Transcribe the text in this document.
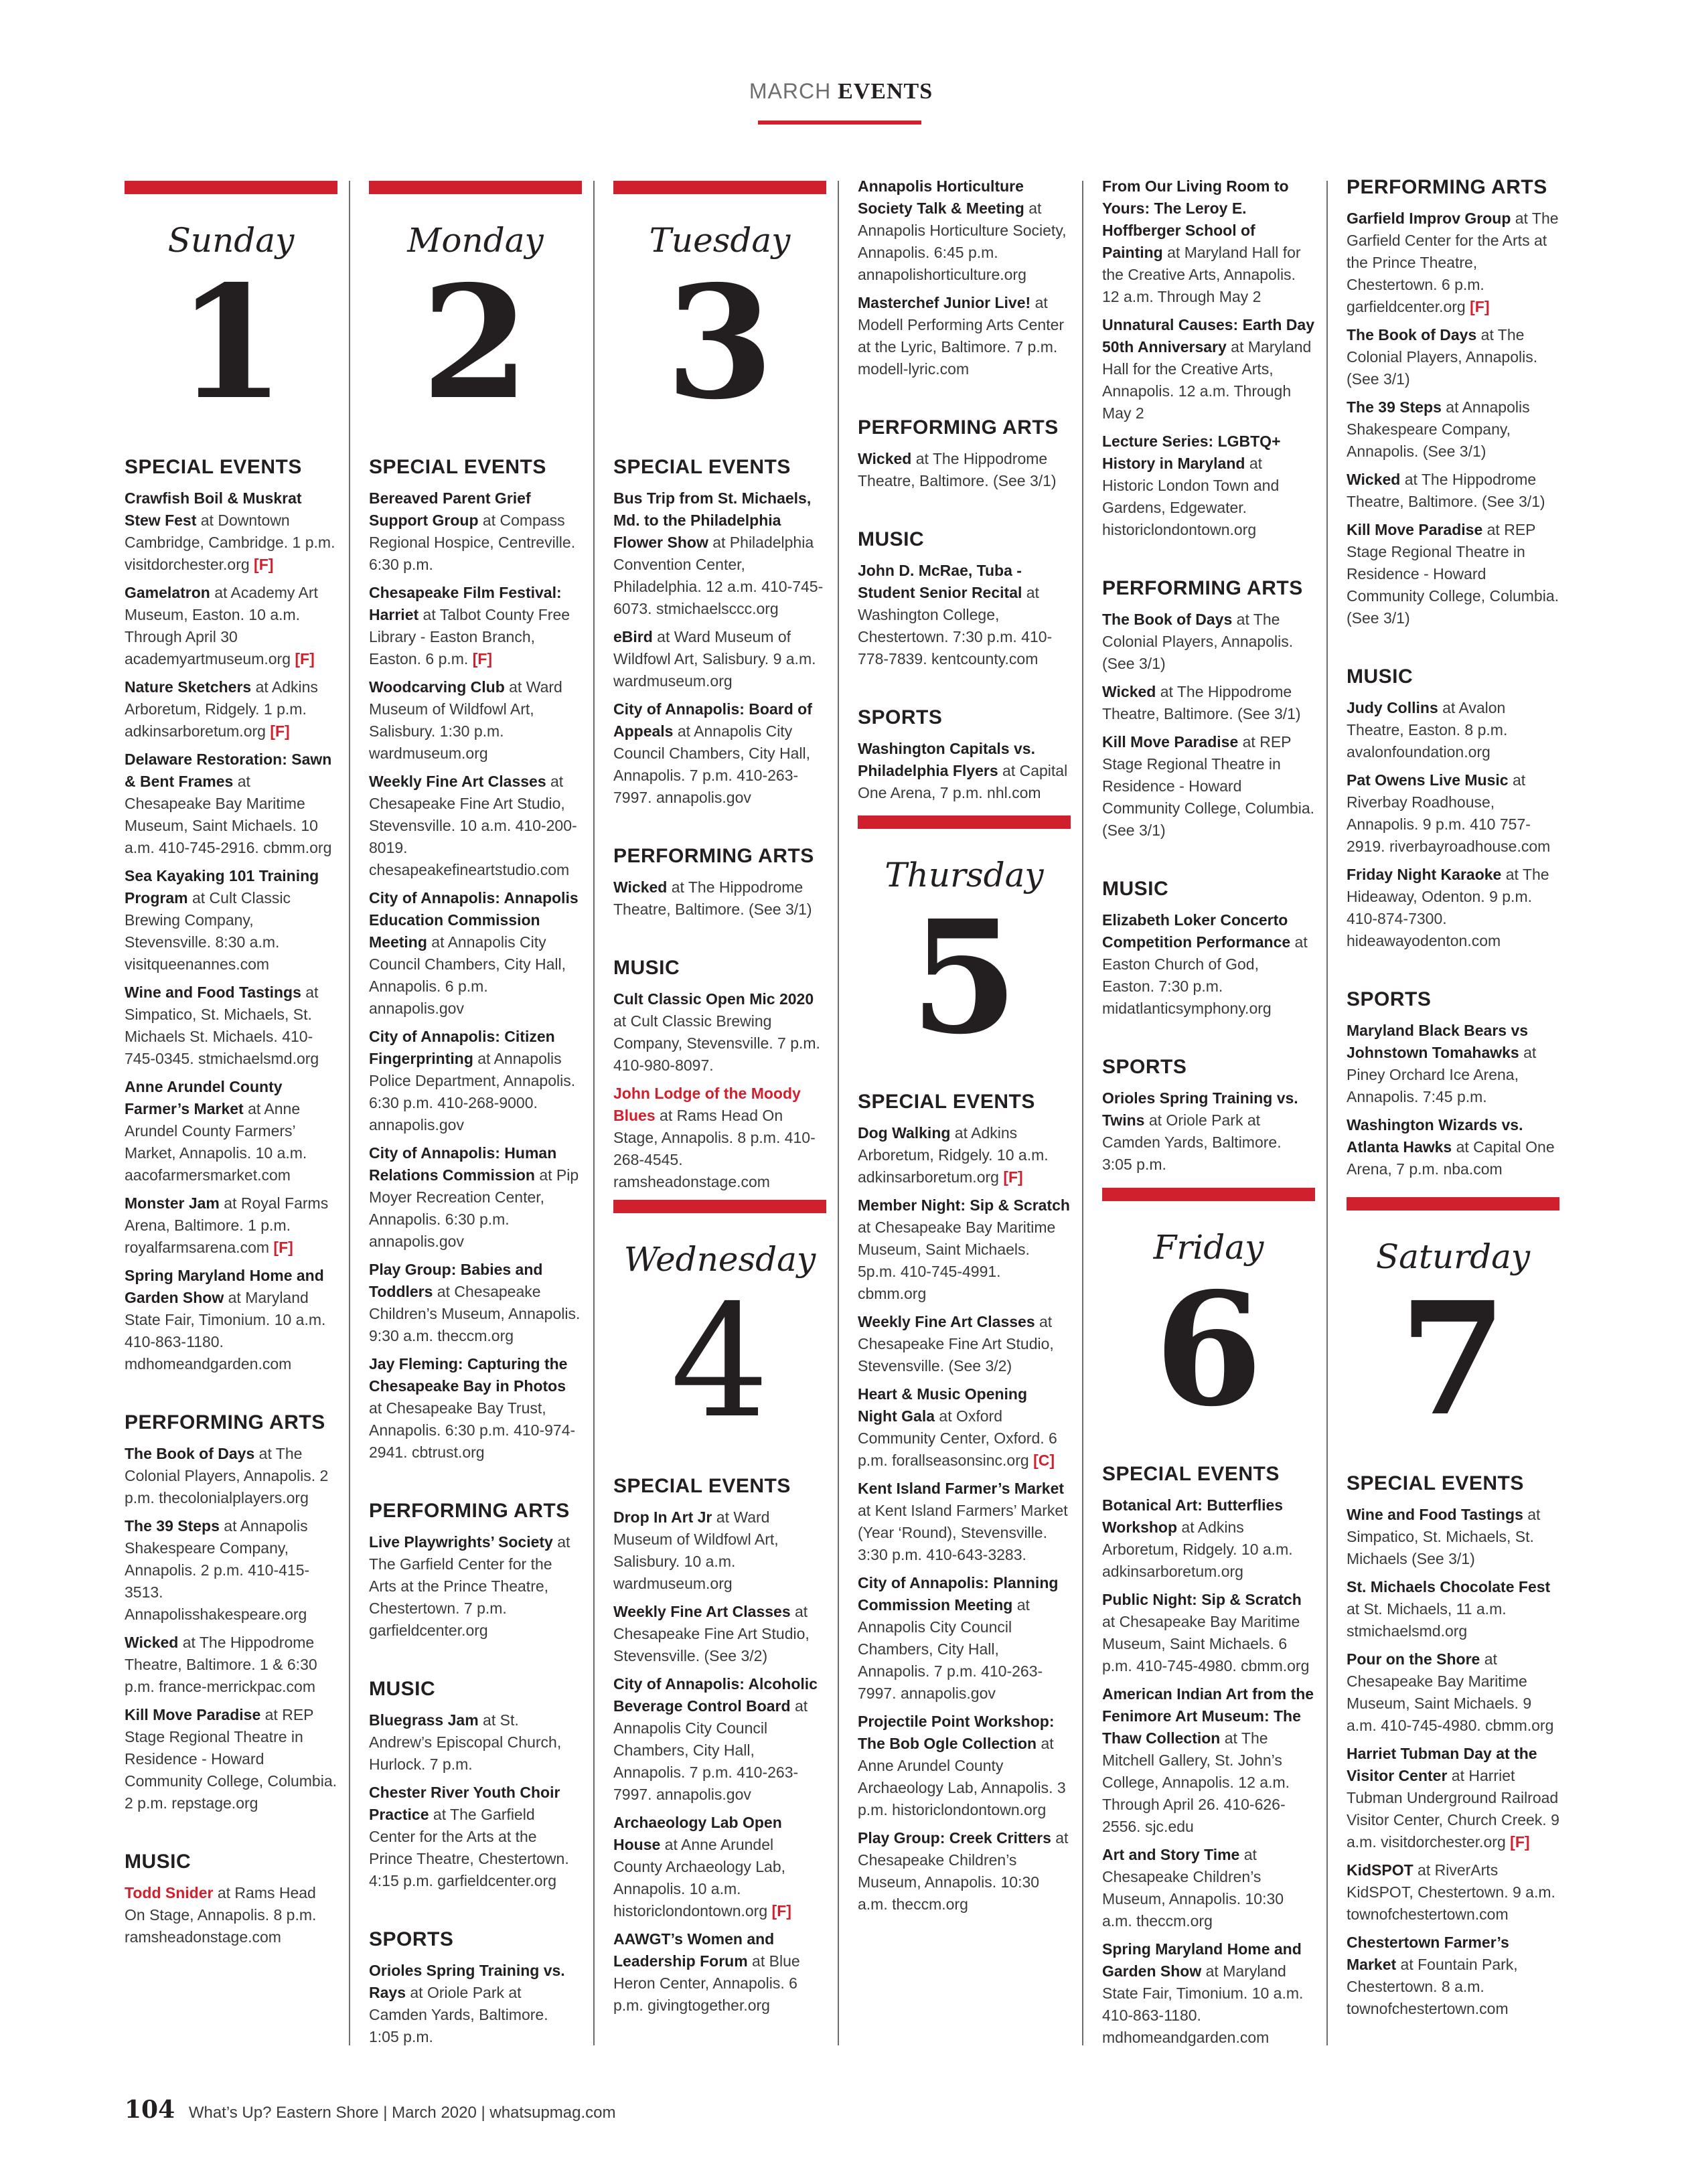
MARCH EVENTS
Sunday
1
SPECIAL EVENTS
Crawfish Boil & Muskrat Stew Fest at Downtown Cambridge, Cambridge. 1 p.m. visitdorchester.org [F]
Gamelatron at Academy Art Museum, Easton. 10 a.m. Through April 30 academyartmuseum.org [F]
Nature Sketchers at Adkins Arboretum, Ridgely. 1 p.m. adkinsarboretum.org [F]
Delaware Restoration: Sawn & Bent Frames at Chesapeake Bay Maritime Museum, Saint Michaels. 10 a.m. 410-745-2916. cbmm.org
Sea Kayaking 101 Training Program at Cult Classic Brewing Company, Stevensville. 8:30 a.m. visitqueenannes.com
Wine and Food Tastings at Simpatico, St. Michaels, St. Michaels St. Michaels. 410-745-0345. stmichaelsmd.org
Anne Arundel County Farmer’s Market at Anne Arundel County Farmers’ Market, Annapolis. 10 a.m. aacofarmersmarket.com
Monster Jam at Royal Farms Arena, Baltimore. 1 p.m. royalfarmsarena.com [F]
Spring Maryland Home and Garden Show at Maryland State Fair, Timonium. 10 a.m. 410-863-1180. mdhomeandgarden.com
PERFORMING ARTS
The Book of Days at The Colonial Players, Annapolis. 2 p.m. thecolonialplayers.org
The 39 Steps at Annapolis Shakespeare Company, Annapolis. 2 p.m. 410-415-3513. Annapolisshakespeare.org
Wicked at The Hippodrome Theatre, Baltimore. 1 & 6:30 p.m. france-merrickpac.com
Kill Move Paradise at REP Stage Regional Theatre in Residence - Howard Community College, Columbia. 2 p.m. repstage.org
MUSIC
Todd Snider at Rams Head On Stage, Annapolis. 8 p.m. ramsheadonstage.com
Monday
2
SPECIAL EVENTS
Bereaved Parent Grief Support Group at Compass Regional Hospice, Centreville. 6:30 p.m.
Chesapeake Film Festival: Harriet at Talbot County Free Library - Easton Branch, Easton. 6 p.m. [F]
Woodcarving Club at Ward Museum of Wildfowl Art, Salisbury. 1:30 p.m. wardmuseum.org
Weekly Fine Art Classes at Chesapeake Fine Art Studio, Stevensville. 10 a.m. 410-200-8019. chesapeakefineartstudio.com
City of Annapolis: Annapolis Education Commission Meeting at Annapolis City Council Chambers, City Hall, Annapolis. 6 p.m. annapolis.gov
City of Annapolis: Citizen Fingerprinting at Annapolis Police Department, Annapolis. 6:30 p.m. 410-268-9000. annapolis.gov
City of Annapolis: Human Relations Commission at Pip Moyer Recreation Center, Annapolis. 6:30 p.m. annapolis.gov
Play Group: Babies and Toddlers at Chesapeake Children’s Museum, Annapolis. 9:30 a.m. theccm.org
Jay Fleming: Capturing the Chesapeake Bay in Photos at Chesapeake Bay Trust, Annapolis. 6:30 p.m. 410-974-2941. cbtrust.org
PERFORMING ARTS
Live Playwrights’ Society at The Garfield Center for the Arts at the Prince Theatre, Chestertown. 7 p.m. garfieldcenter.org
MUSIC
Bluegrass Jam at St. Andrew’s Episcopal Church, Hurlock. 7 p.m.
Chester River Youth Choir Practice at The Garfield Center for the Arts at the Prince Theatre, Chestertown. 4:15 p.m. garfieldcenter.org
SPORTS
Orioles Spring Training vs. Rays at Oriole Park at Camden Yards, Baltimore. 1:05 p.m.
Tuesday
3
SPECIAL EVENTS
Bus Trip from St. Michaels, Md. to the Philadelphia Flower Show at Philadelphia Convention Center, Philadelphia. 12 a.m. 410-745-6073. stmichaelsccc.org
eBird at Ward Museum of Wildfowl Art, Salisbury. 9 a.m. wardmuseum.org
City of Annapolis: Board of Appeals at Annapolis City Council Chambers, City Hall, Annapolis. 7 p.m. 410-263-7997. annapolis.gov
PERFORMING ARTS
Wicked at The Hippodrome Theatre, Baltimore. (See 3/1)
MUSIC
Cult Classic Open Mic 2020 at Cult Classic Brewing Company, Stevensville. 7 p.m. 410-980-8097.
John Lodge of the Moody Blues at Rams Head On Stage, Annapolis. 8 p.m. 410-268-4545. ramsheadonstage.com
Wednesday
4
SPECIAL EVENTS
Drop In Art Jr at Ward Museum of Wildfowl Art, Salisbury. 10 a.m. wardmuseum.org
Weekly Fine Art Classes at Chesapeake Fine Art Studio, Stevensville. (See 3/2)
City of Annapolis: Alcoholic Beverage Control Board at Annapolis City Council Chambers, City Hall, Annapolis. 7 p.m. 410-263-7997. annapolis.gov
Archaeology Lab Open House at Anne Arundel County Archaeology Lab, Annapolis. 10 a.m. historiclondontown.org [F]
AAWGT’s Women and Leadership Forum at Blue Heron Center, Annapolis. 6 p.m. givingtogether.org
Annapolis Horticulture Society Talk & Meeting at Annapolis Horticulture Society, Annapolis. 6:45 p.m. annapolishorticulture.org
Masterchef Junior Live! at Modell Performing Arts Center at the Lyric, Baltimore. 7 p.m. modell-lyric.com
PERFORMING ARTS
Wicked at The Hippodrome Theatre, Baltimore. (See 3/1)
MUSIC
John D. McRae, Tuba - Student Senior Recital at Washington College, Chestertown. 7:30 p.m. 410-778-7839. kentcounty.com
SPORTS
Washington Capitals vs. Philadelphia Flyers at Capital One Arena, 7 p.m. nhl.com
Thursday
5
SPECIAL EVENTS
Dog Walking at Adkins Arboretum, Ridgely. 10 a.m. adkinsarboretum.org [F]
Member Night: Sip & Scratch at Chesapeake Bay Maritime Museum, Saint Michaels. 5p.m. 410-745-4991. cbmm.org
Weekly Fine Art Classes at Chesapeake Fine Art Studio, Stevensville. (See 3/2)
Heart & Music Opening Night Gala at Oxford Community Center, Oxford. 6 p.m. forallseasonsinc.org [C]
Kent Island Farmer’s Market at Kent Island Farmers’ Market (Year ‘Round), Stevensville. 3:30 p.m. 410-643-3283.
City of Annapolis: Planning Commission Meeting at Annapolis City Council Chambers, City Hall, Annapolis. 7 p.m. 410-263-7997. annapolis.gov
Projectile Point Workshop: The Bob Ogle Collection at Anne Arundel County Archaeology Lab, Annapolis. 3 p.m. historiclondontown.org
Play Group: Creek Critters at Chesapeake Children’s Museum, Annapolis. 10:30 a.m. theccm.org
From Our Living Room to Yours: The Leroy E. Hoffberger School of Painting at Maryland Hall for the Creative Arts, Annapolis. 12 a.m. Through May 2
Unnatural Causes: Earth Day 50th Anniversary at Maryland Hall for the Creative Arts, Annapolis. 12 a.m. Through May 2
Lecture Series: LGBTQ+ History in Maryland at Historic London Town and Gardens, Edgewater. historiclondontown.org
PERFORMING ARTS
The Book of Days at The Colonial Players, Annapolis. (See 3/1)
Wicked at The Hippodrome Theatre, Baltimore. (See 3/1)
Kill Move Paradise at REP Stage Regional Theatre in Residence - Howard Community College, Columbia. (See 3/1)
MUSIC
Elizabeth Loker Concerto Competition Performance at Easton Church of God, Easton. 7:30 p.m. midatlanticsymphony.org
SPORTS
Orioles Spring Training vs. Twins at Oriole Park at Camden Yards, Baltimore. 3:05 p.m.
Friday
6
SPECIAL EVENTS
Botanical Art: Butterflies Workshop at Adkins Arboretum, Ridgely. 10 a.m. adkinsarboretum.org
Public Night: Sip & Scratch at Chesapeake Bay Maritime Museum, Saint Michaels. 6 p.m. 410-745-4980. cbmm.org
American Indian Art from the Fenimore Art Museum: The Thaw Collection at The Mitchell Gallery, St. John’s College, Annapolis. 12 a.m. Through April 26. 410-626-2556. sjc.edu
Art and Story Time at Chesapeake Children’s Museum, Annapolis. 10:30 a.m. theccm.org
Spring Maryland Home and Garden Show at Maryland State Fair, Timonium. 10 a.m. 410-863-1180. mdhomeandgarden.com
PERFORMING ARTS
Garfield Improv Group at The Garfield Center for the Arts at the Prince Theatre, Chestertown. 6 p.m. garfieldcenter.org [F]
The Book of Days at The Colonial Players, Annapolis. (See 3/1)
The 39 Steps at Annapolis Shakespeare Company, Annapolis. (See 3/1)
Wicked at The Hippodrome Theatre, Baltimore. (See 3/1)
Kill Move Paradise at REP Stage Regional Theatre in Residence - Howard Community College, Columbia. (See 3/1)
MUSIC
Judy Collins at Avalon Theatre, Easton. 8 p.m. avalonfoundation.org
Pat Owens Live Music at Riverbay Roadhouse, Annapolis. 9 p.m. 410 757-2919. riverbayroadhouse.com
Friday Night Karaoke at The Hideaway, Odenton. 9 p.m. 410-874-7300. hideawayodenton.com
SPORTS
Maryland Black Bears vs Johnstown Tomahawks at Piney Orchard Ice Arena, Annapolis. 7:45 p.m.
Washington Wizards vs. Atlanta Hawks at Capital One Arena, 7 p.m. nba.com
Saturday
7
SPECIAL EVENTS
Wine and Food Tastings at Simpatico, St. Michaels, St. Michaels (See 3/1)
St. Michaels Chocolate Fest at St. Michaels, 11 a.m. stmichaelsmd.org
Pour on the Shore at Chesapeake Bay Maritime Museum, Saint Michaels. 9 a.m. 410-745-4980. cbmm.org
Harriet Tubman Day at the Visitor Center at Harriet Tubman Underground Railroad Visitor Center, Church Creek. 9 a.m. visitdorchester.org [F]
KidSPOT at RiverArts KidSPOT, Chestertown. 9 a.m. townofchestertown.com
Chestertown Farmer’s Market at Fountain Park, Chestertown. 8 a.m. townofchestertown.com
104 What’s Up? Eastern Shore | March 2020 | whatsupmag.com
